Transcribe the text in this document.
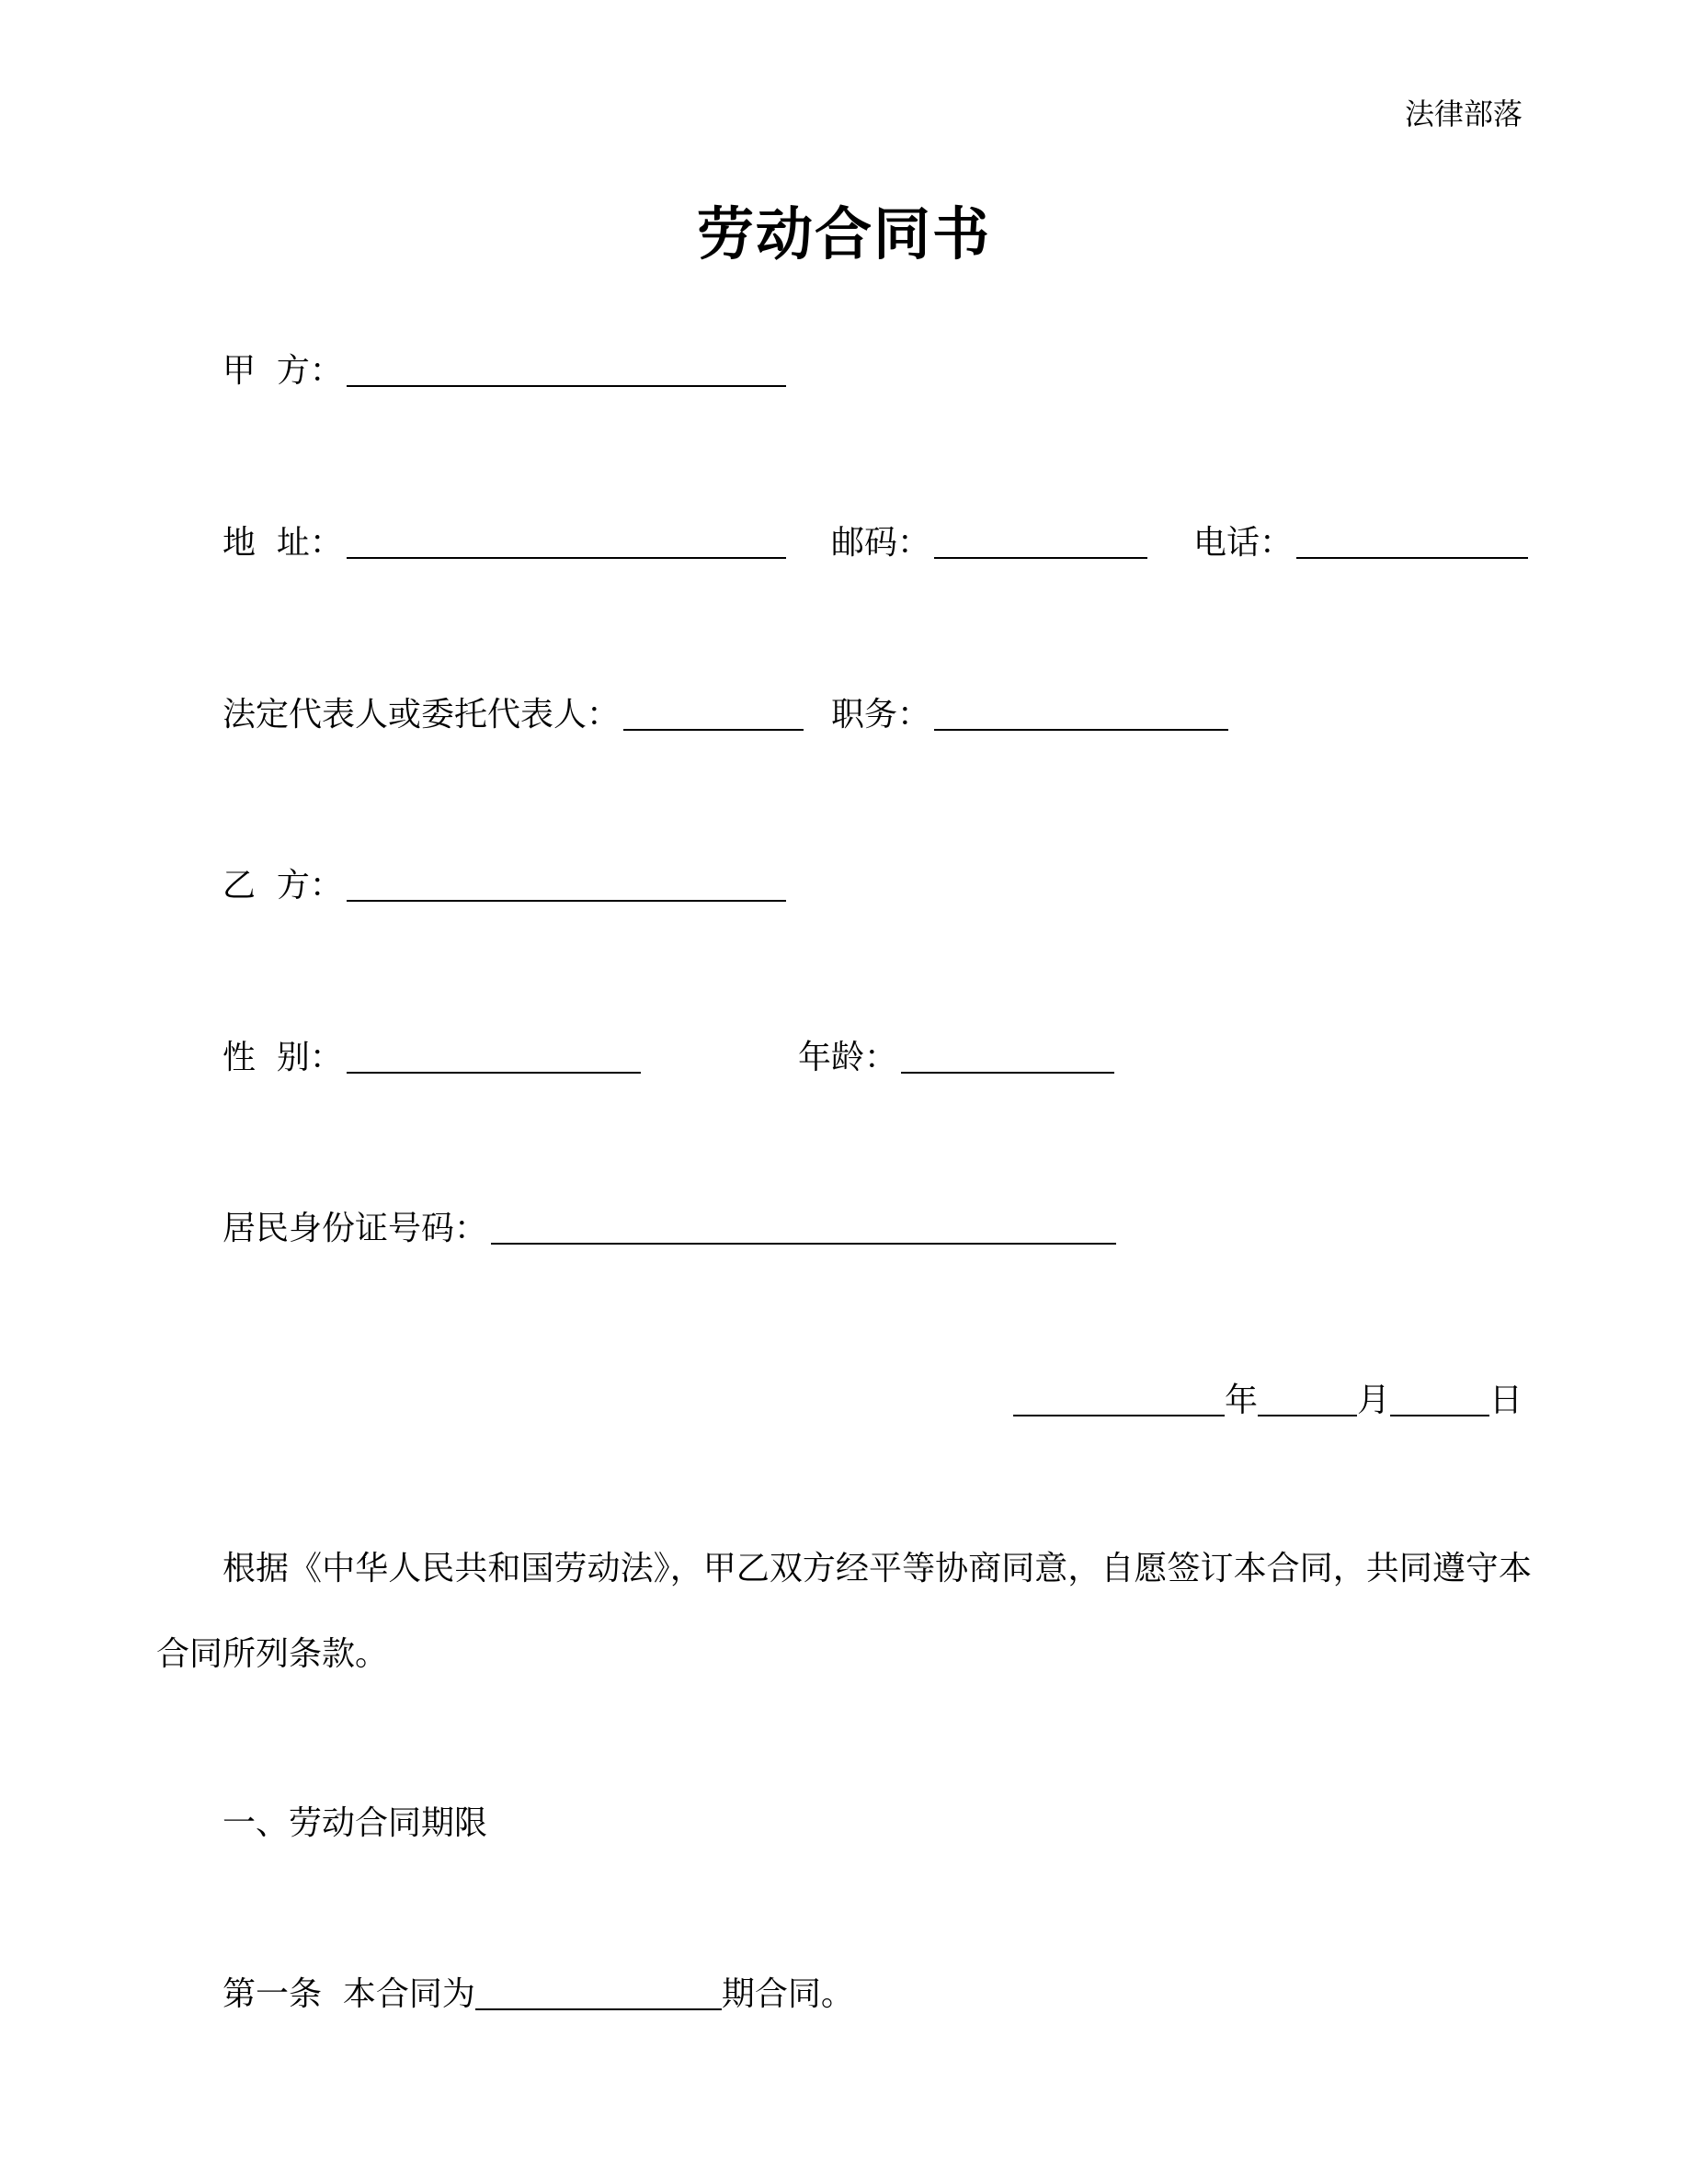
法律部落
劳动合同书
甲  方：
地  址：	邮码：	电话：
法定代表人或委托代表人：	职务：
乙  方：
性  别：	年龄：
居民身份证号码：
年	月	日
根据《中华人民共和国劳动法》，甲乙双方经平等协商同意，自愿签订本合同，共同遵守本合同所列条款。
一、劳动合同期限
第一条  本合同为	期合同。
